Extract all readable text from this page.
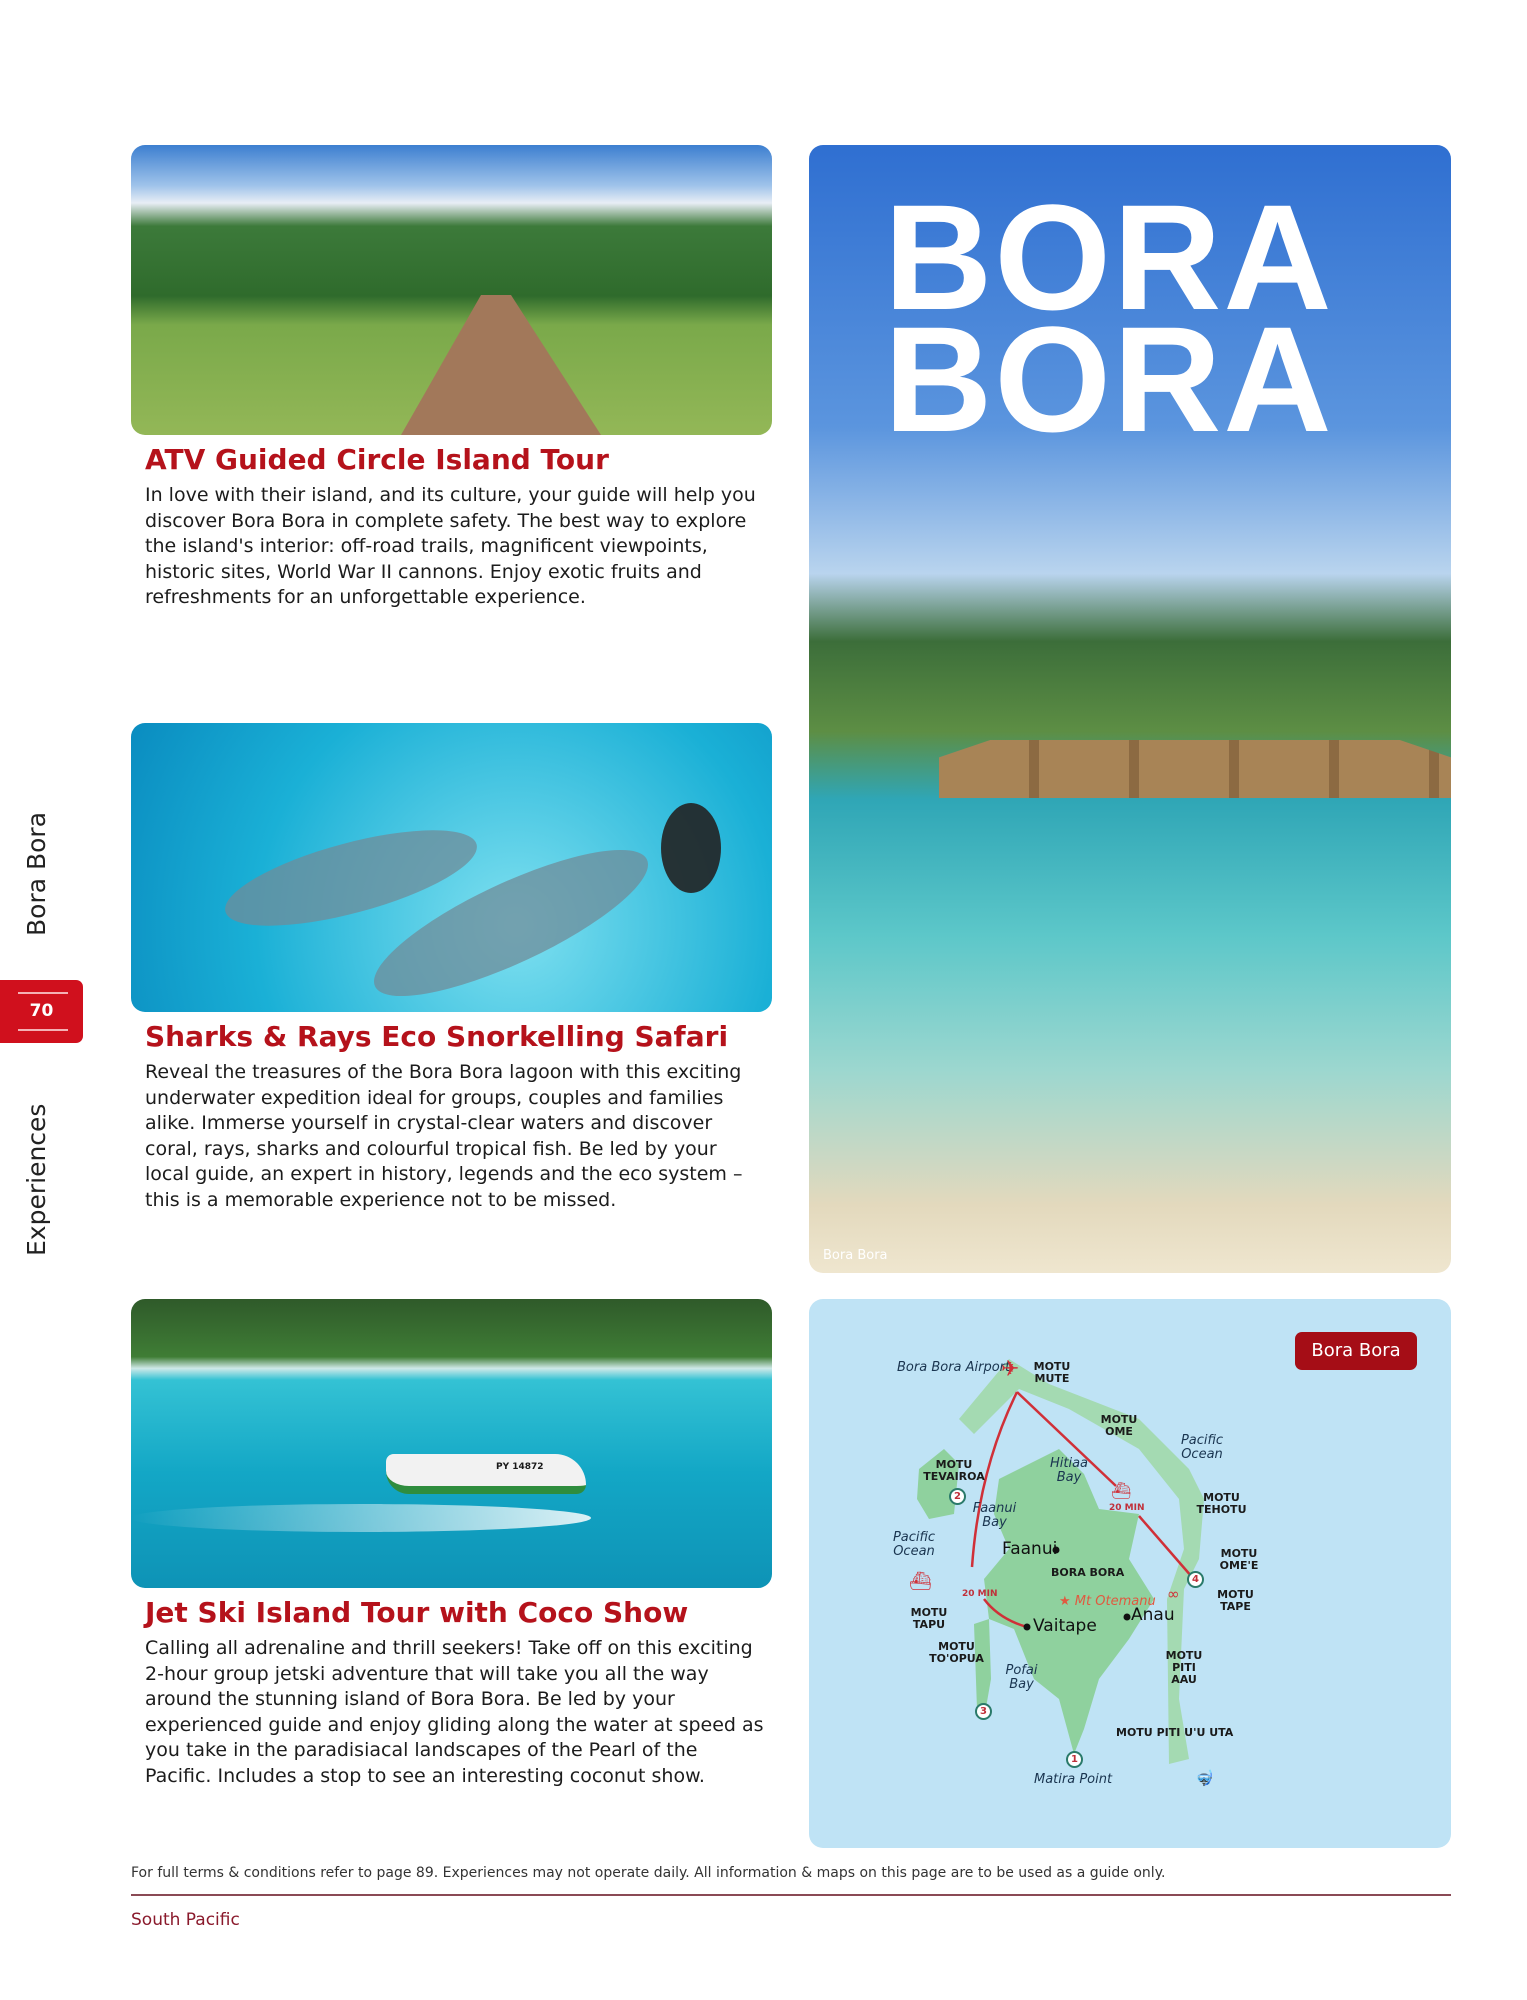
Bora Bora
70
Experiences
ATV Guided Circle Island Tour
In love with their island, and its culture, your guide will help you discover Bora Bora in complete safety. The best way to explore the island's interior: off-road trails, magnificent viewpoints, historic sites, World War II cannons. Enjoy exotic fruits and refreshments for an unforgettable experience.
Sharks & Rays Eco Snorkelling Safari
Reveal the treasures of the Bora Bora lagoon with this exciting underwater expedition ideal for groups, couples and families alike. Immerse yourself in crystal-clear waters and discover coral, rays, sharks and colourful tropical fish. Be led by your local guide, an expert in history, legends and the eco system – this is a memorable experience not to be missed.
PY 14872
Jet Ski Island Tour with Coco Show
Calling all adrenaline and thrill seekers! Take off on this exciting 2-hour group jetski adventure that will take you all the way around the stunning island of Bora Bora. Be led by your experienced guide and enjoy gliding along the water at speed as you take in the paradisiacal landscapes of the Pearl of the Pacific. Includes a stop to see an interesting coconut show.
BORA
BORA
Bora Bora
Bora Bora
Bora Bora Airport
✈ MOTU MUTE
MOTU OME
Pacific Ocean
Hitiaa Bay
MOTU TEVAIROA
⛴
20 MIN
MOTU TEHOTU
Faanui Bay
Faanui
Pacific Ocean	MOTU OME'E
BORA BORA
⛴
20 MIN	★ Mt Otemanu ∞	MOTU TAPE
Anau
MOTU TAPU	Vaitape
MOTU TO'OPUA
Pofai Bay
MOTU PITI AAU
MOTU PITI U'U UTA
Matira Point	🤿
1
2
3
4
For full terms & conditions refer to page 89. Experiences may not operate daily. All information & maps on this page are to be used as a guide only.
South Pacific
